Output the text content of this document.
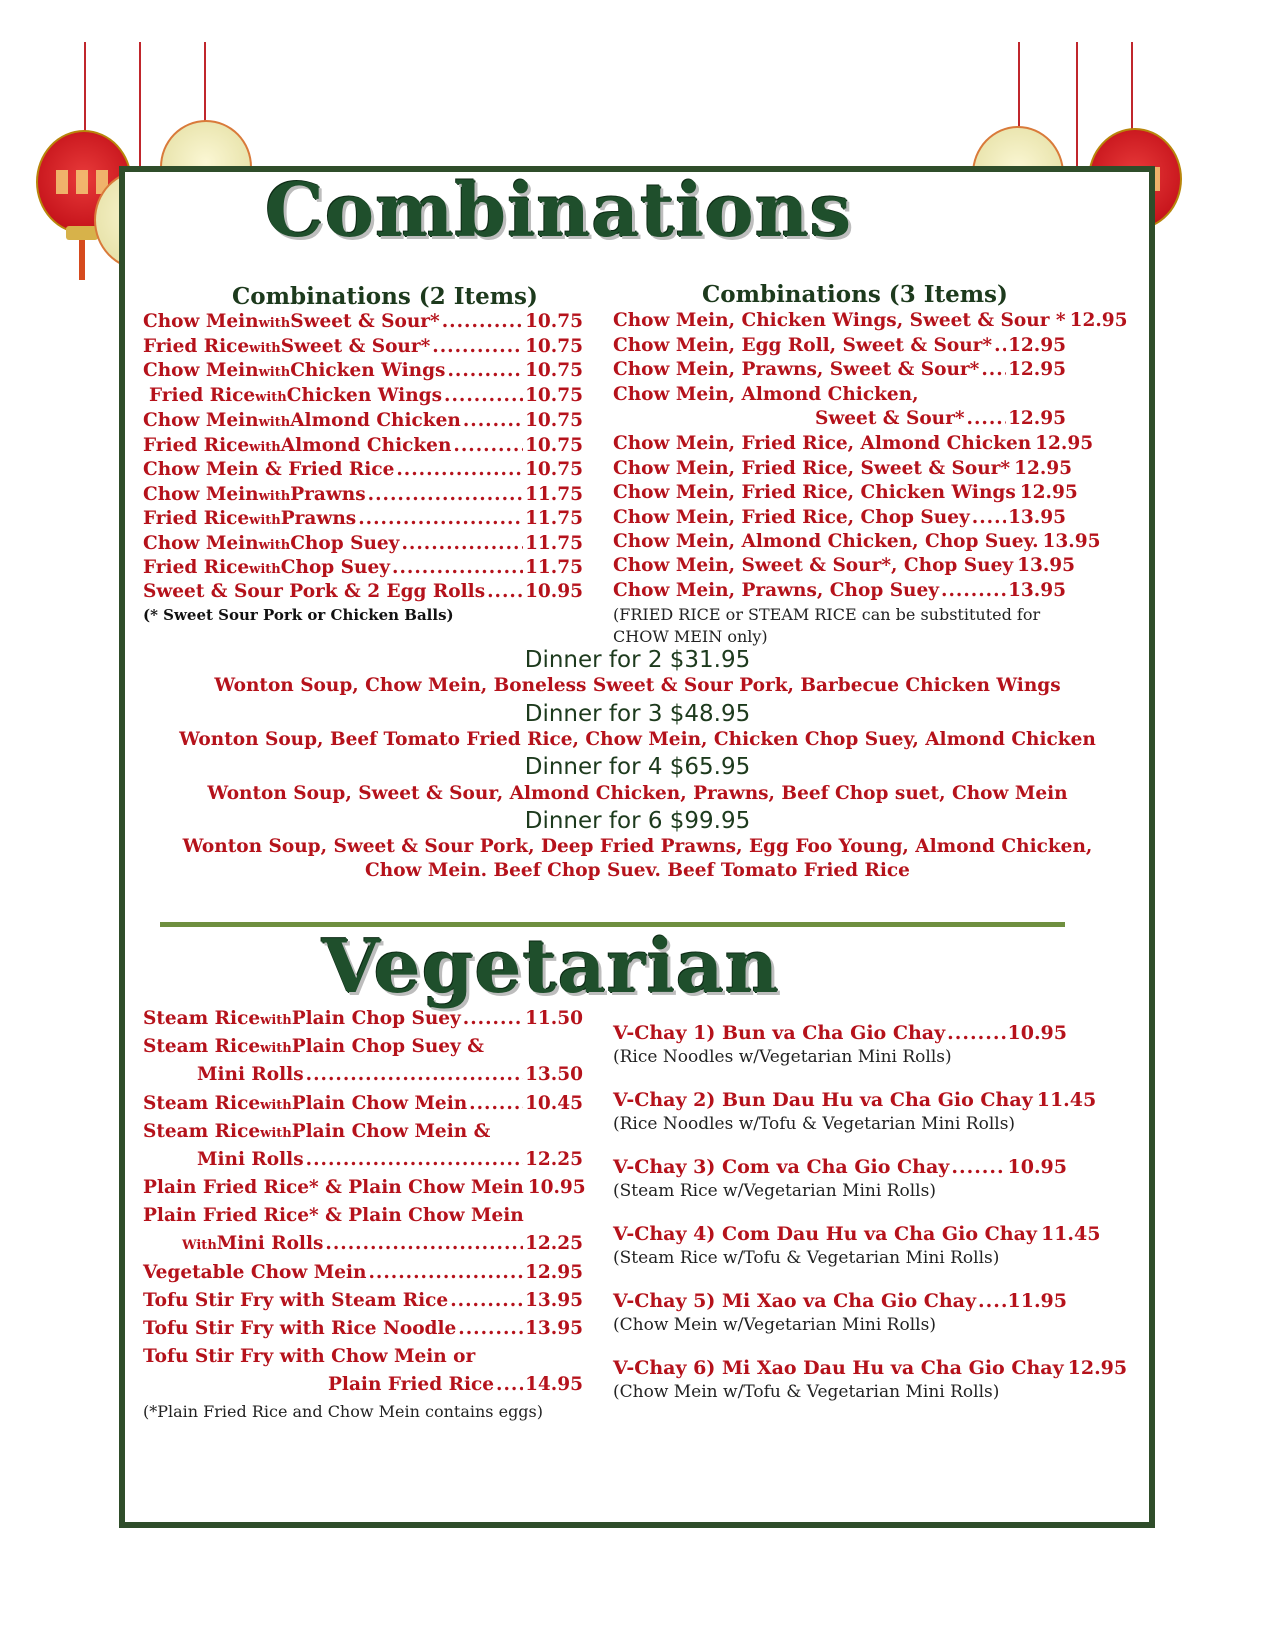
Combinations
Combinations (2 Items)
Chow Mein with Sweet & Sour* .....	10.75
Fried Rice with Sweet & Sour* .....	10.75
Chow Mein with Chicken Wings .....	10.75
Fried Rice with Chicken Wings .....	10.75
Chow Mein with Almond Chicken .....	10.75
Fried Rice with Almond Chicken .....	10.75
Chow Mein & Fried Rice .....	10.75
Chow Mein with Prawns .....	11.75
Fried Rice with Prawns .....	11.75
Chow Mein with Chop Suey .....	11.75
Fried Rice with Chop Suey .....	11.75
Sweet & Sour Pork & 2 Egg Rolls ..... 10.95
(* Sweet Sour Pork or Chicken Balls)
Combinations (3 Items)
Chow Mein, Chicken Wings, Sweet & Sour * 12.95
Chow Mein, Egg Roll, Sweet & Sour* ..... 12.95
Chow Mein, Prawns, Sweet & Sour* ..... 12.95
Chow Mein, Almond Chicken,
Sweet & Sour* ..... 12.95
Chow Mein, Fried Rice, Almond Chicken 12.95
Chow Mein, Fried Rice, Sweet & Sour* 12.95
Chow Mein, Fried Rice, Chicken Wings 12.95
Chow Mein, Fried Rice, Chop Suey ..... 13.95
Chow Mein, Almond Chicken, Chop Suey. 13.95
Chow Mein, Sweet & Sour*, Chop Suey 13.95
Chow Mein, Prawns, Chop Suey .....	13.95
(FRIED RICE or STEAM RICE can be substituted for
CHOW MEIN only)
Dinner for 2 $31.95
Wonton Soup, Chow Mein, Boneless Sweet & Sour Pork, Barbecue Chicken Wings
Dinner for 3 $48.95
Wonton Soup, Beef Tomato Fried Rice, Chow Mein, Chicken Chop Suey, Almond Chicken
Dinner for 4 $65.95
Wonton Soup, Sweet & Sour, Almond Chicken, Prawns, Beef Chop suet, Chow Mein
Dinner for 6 $99.95
Wonton Soup, Sweet & Sour Pork, Deep Fried Prawns, Egg Foo Young, Almond Chicken,
Chow Mein. Beef Chop Suev. Beef Tomato Fried Rice
Vegetarian
Steam Rice with Plain Chop Suey .....	11.50
Steam Rice with Plain Chop Suey &
Mini Rolls .....	13.50
Steam Rice with Plain Chow Mein .....	10.45
Steam Rice with Plain Chow Mein &
Mini Rolls .....	12.25
Plain Fried Rice* & Plain Chow Mein 10.95
Plain Fried Rice* & Plain Chow Mein
With Mini Rolls .....	12.25
Vegetable Chow Mein .....	12.95
Tofu Stir Fry with Steam Rice .....	13.95
Tofu Stir Fry with Rice Noodle .....	13.95
Tofu Stir Fry with Chow Mein or
Plain Fried Rice ..... 14.95
(*Plain Fried Rice and Chow Mein contains eggs)
V-Chay 1) Bun va Cha Gio Chay .....	10.95
(Rice Noodles w/Vegetarian Mini Rolls)
V-Chay 2) Bun Dau Hu va Cha Gio Chay 11.45
(Rice Noodles w/Tofu & Vegetarian Mini Rolls)
V-Chay 3) Com va Cha Gio Chay .....	10.95
(Steam Rice w/Vegetarian Mini Rolls)
V-Chay 4) Com Dau Hu va Cha Gio Chay 11.45
(Steam Rice w/Tofu & Vegetarian Mini Rolls)
V-Chay 5) Mi Xao va Cha Gio Chay ..... 11.95
(Chow Mein w/Vegetarian Mini Rolls)
V-Chay 6) Mi Xao Dau Hu va Cha Gio Chay 12.95
(Chow Mein w/Tofu & Vegetarian Mini Rolls)
